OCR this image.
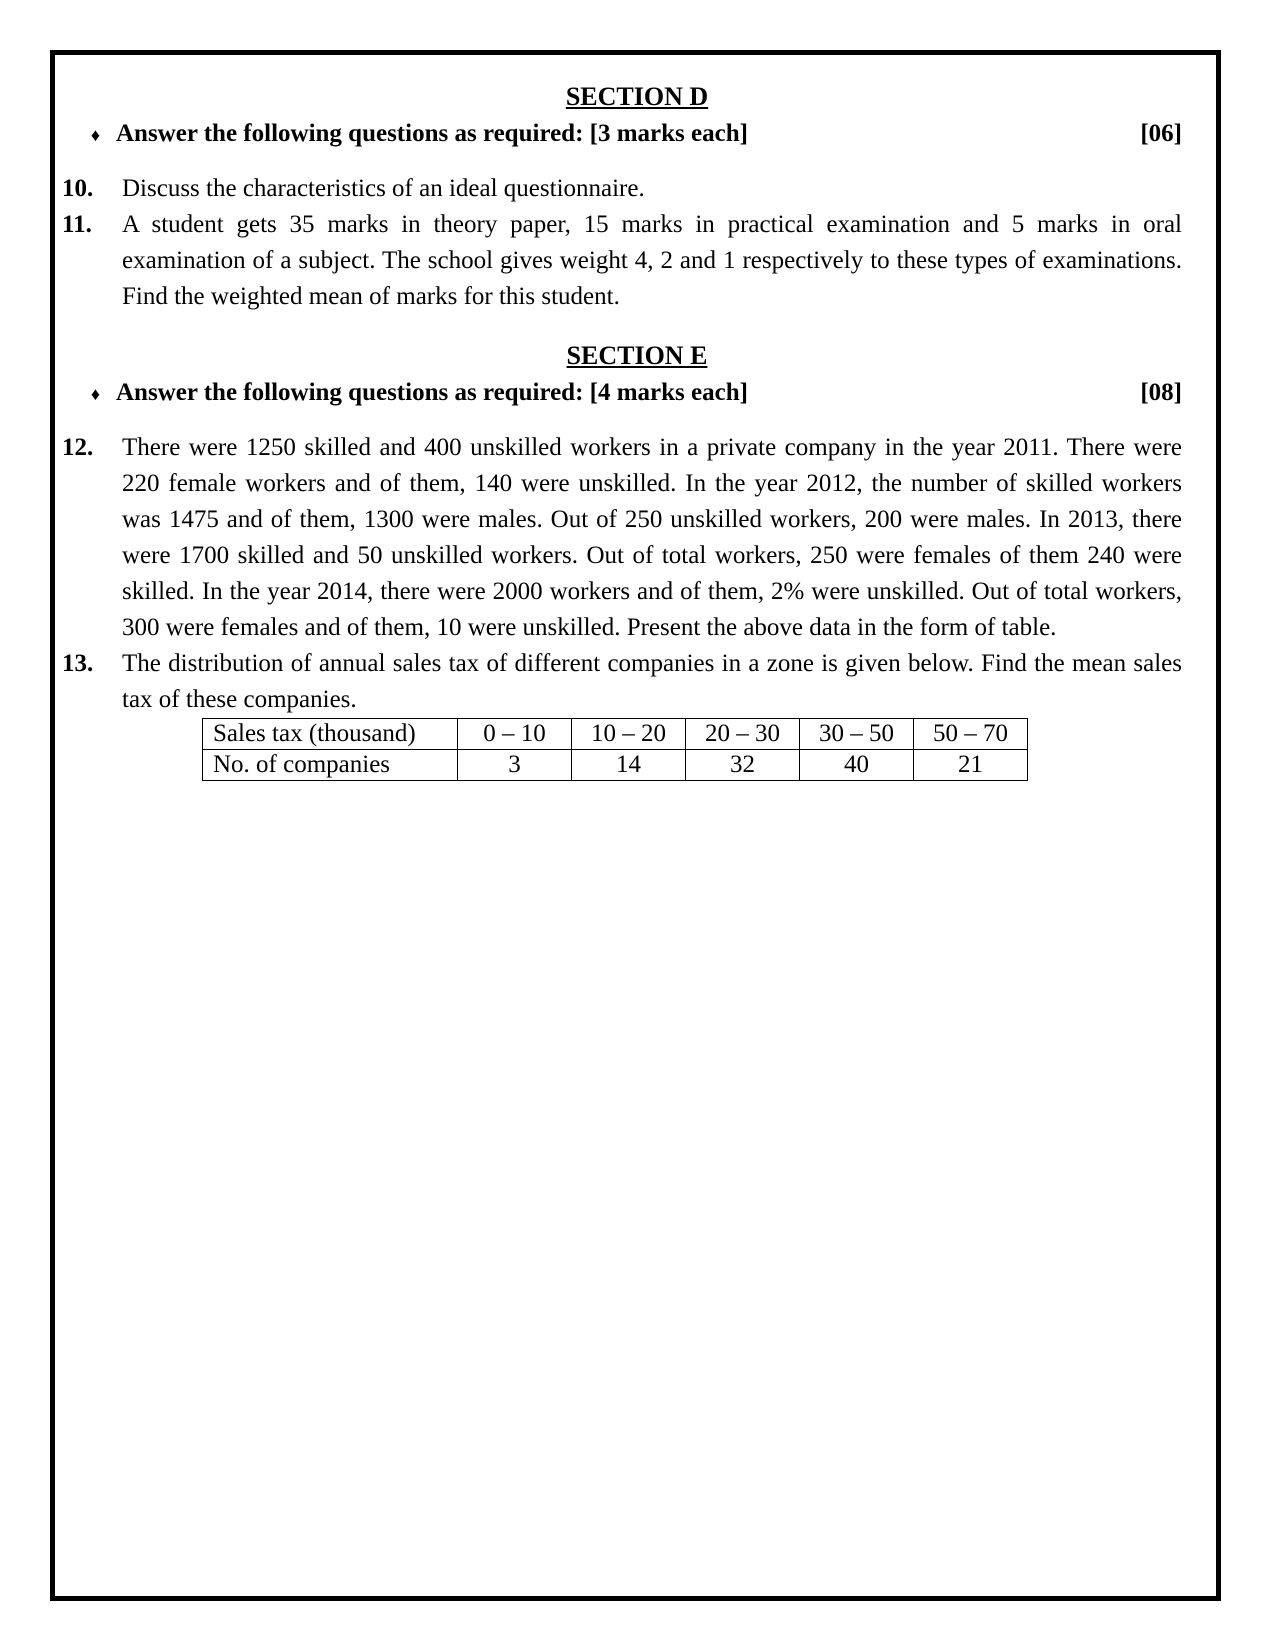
SECTION D
♦ Answer the following questions as required: [3 marks each]	[06]
10.	Discuss the characteristics of an ideal questionnaire.
11.	A student gets 35 marks in theory paper, 15 marks in practical examination and 5 marks in oral examination of a subject. The school gives weight 4, 2 and 1 respectively to these types of examinations. Find the weighted mean of marks for this student.
SECTION E
♦ Answer the following questions as required: [4 marks each]	[08]
12.	There were 1250 skilled and 400 unskilled workers in a private company in the year 2011. There were 220 female workers and of them, 140 were unskilled. In the year 2012, the number of skilled workers was 1475 and of them, 1300 were males. Out of 250 unskilled workers, 200 were males. In 2013, there were 1700 skilled and 50 unskilled workers. Out of total workers, 250 were females of them 240 were skilled. In the year 2014, there were 2000 workers and of them, 2% were unskilled. Out of total workers, 300 were females and of them, 10 were unskilled. Present the above data in the form of table.
13.	The distribution of annual sales tax of different companies in a zone is given below. Find the mean sales tax of these companies.
Sales tax (thousand)	0 – 10	10 – 20	20 – 30	30 – 50	50 – 70
No. of companies	3	14	32	40	21
